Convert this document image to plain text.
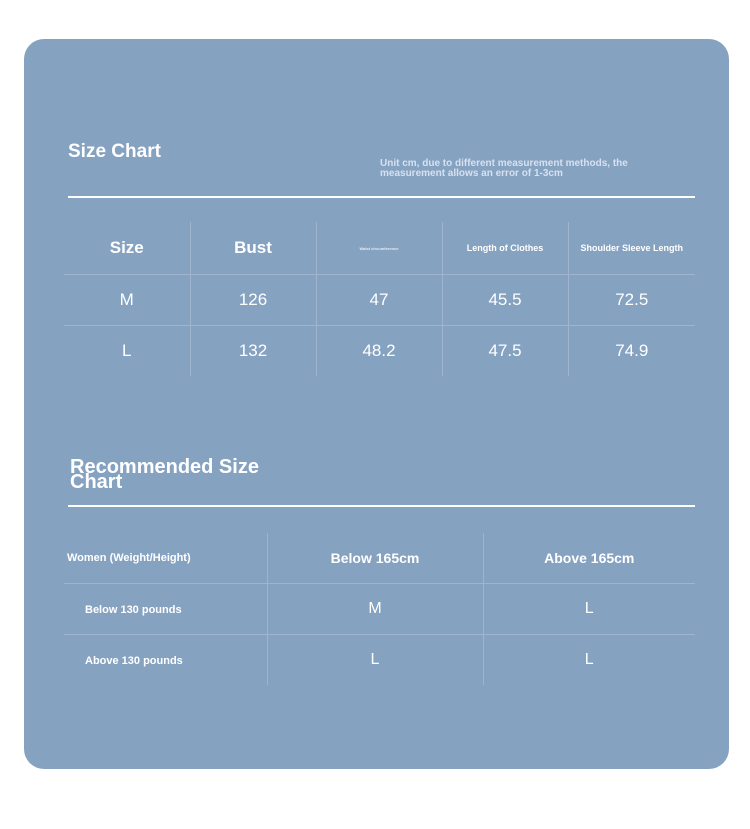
Size Chart
Unit cm, due to different measurement methods, the measurement allows an error of 1-3cm
Size	Bust	Waist circumference	Length of Clothes	Shoulder Sleeve Length
M	126	47	45.5	72.5
L	132	48.2	47.5	74.9
Recommended Size Chart
Women (Weight/Height)	Below 165cm	Above 165cm
Below 130 pounds	M	L
Above 130 pounds	L	L
